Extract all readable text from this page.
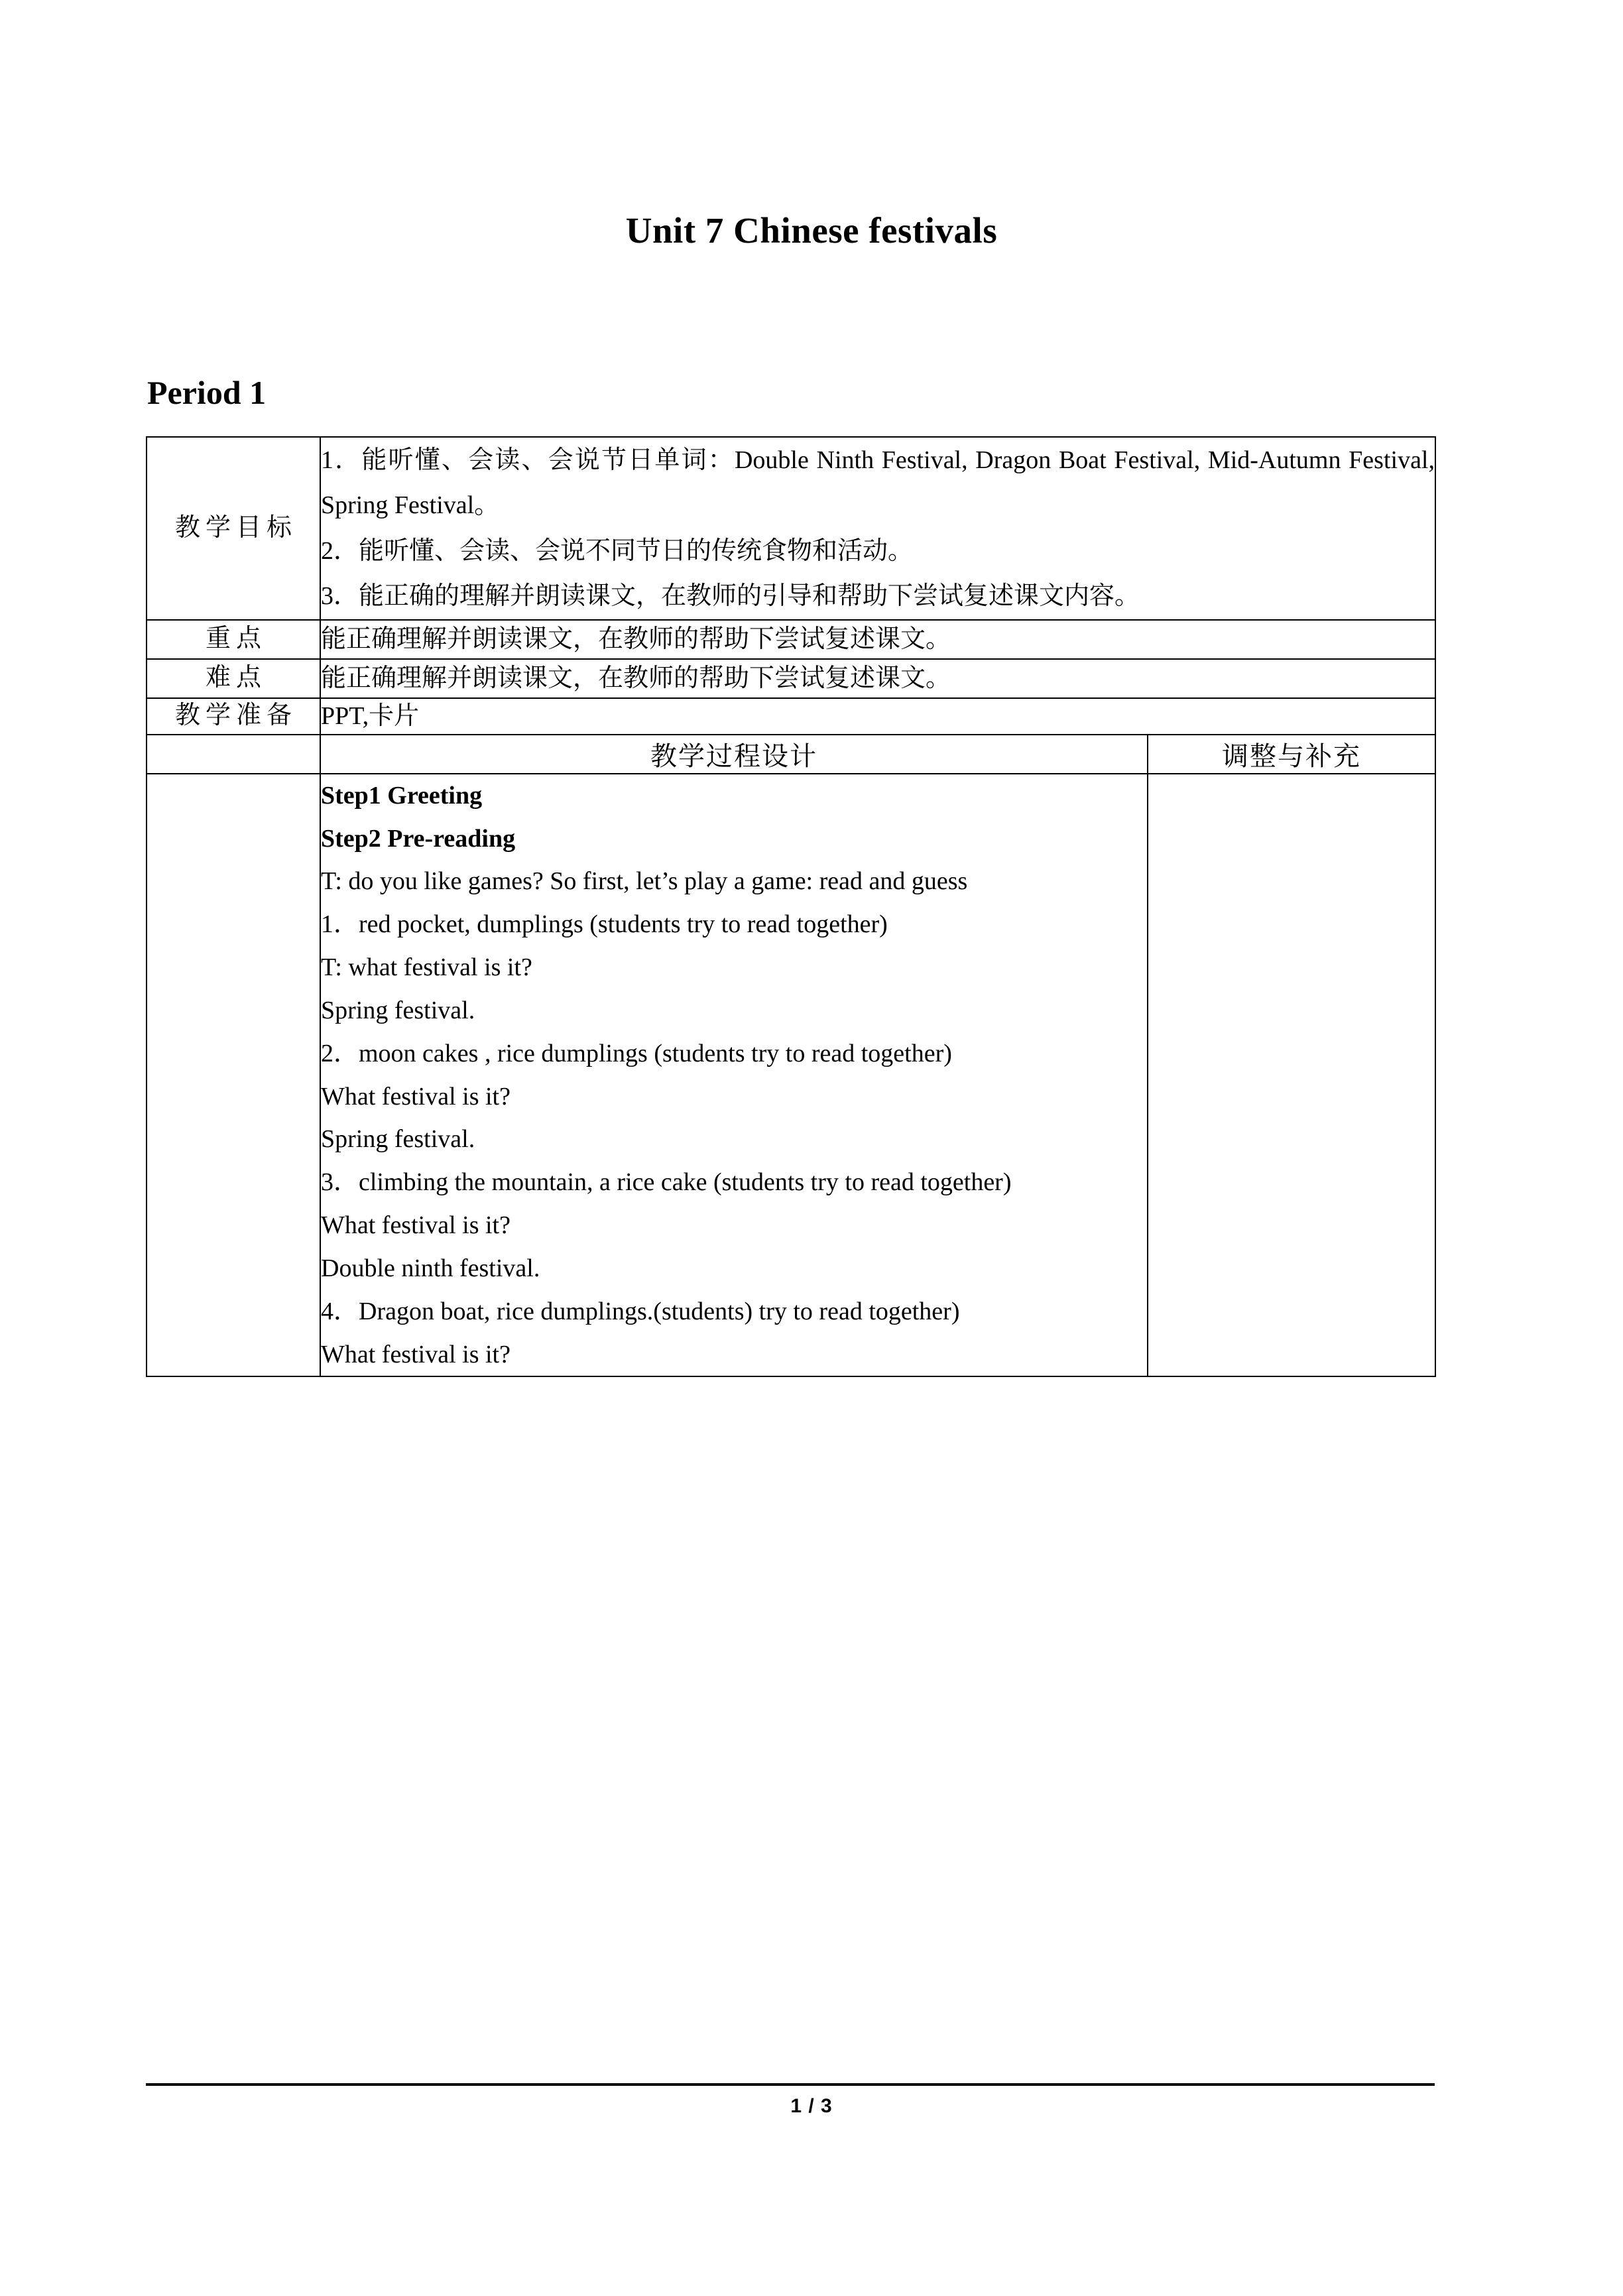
Unit 7 Chinese festivals
Period 1
教学目标	1．能听懂、会读、会说节日单词：Double Ninth Festival, Dragon Boat Festival, Mid-Autumn Festival, Spring Festival。

2．能听懂、会读、会说不同节日的传统食物和活动。

3．能正确的理解并朗读课文，在教师的引导和帮助下尝试复述课文内容。	

重点	能正确理解并朗读课文，在教师的帮助下尝试复述课文。	
难点	能正确理解并朗读课文，在教师的帮助下尝试复述课文。	
教学准备	PPT,卡片	
	教学过程设计	调整与补充

Step1 Greeting

Step2 Pre-reading

T: do you like games? So first, let’s play a game: read and guess

1．red pocket, dumplings (students try to read together)

T: what festival is it?

Spring festival.

2．moon cakes , rice dumplings (students try to read together)

What festival is it?

Spring festival.

3．climbing the mountain, a rice cake (students try to read together)

What festival is it?

Double ninth festival.

4．Dragon boat, rice dumplings.(students) try to read together)

What festival is it?

1 / 3
